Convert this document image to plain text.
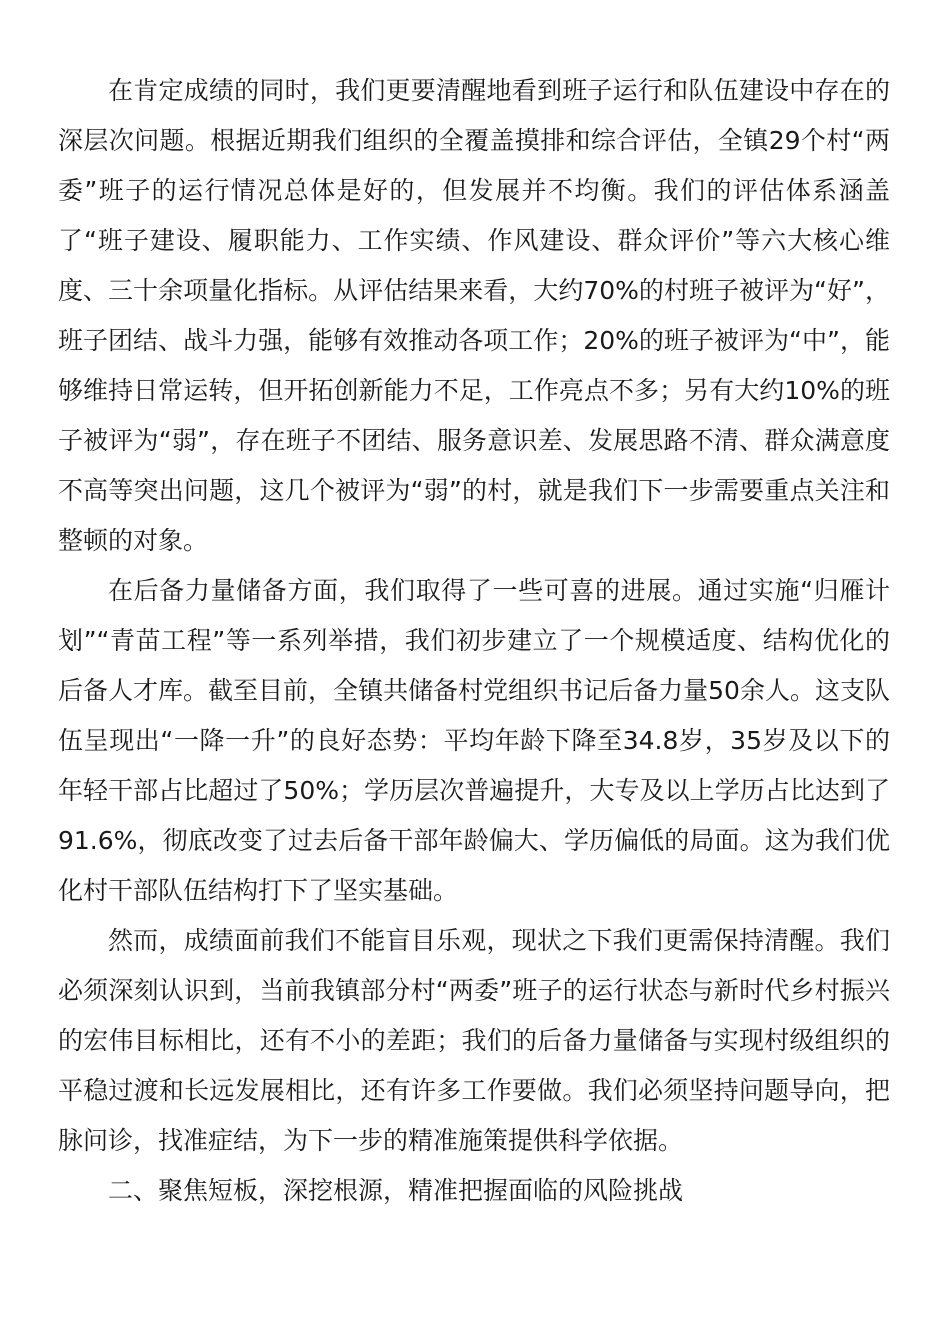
在肯定成绩的同时，我们更要清醒地看到班子运行和队伍建设中存在的深层次问题。根据近期我们组织的全覆盖摸排和综合评估，全镇29个村“两委”班子的运行情况总体是好的，但发展并不均衡。我们的评估体系涵盖了“班子建设、履职能力、工作实绩、作风建设、群众评价”等六大核心维度、三十余项量化指标。从评估结果来看，大约70%的村班子被评为“好”，班子团结、战斗力强，能够有效推动各项工作；20%的班子被评为“中”，能够维持日常运转，但开拓创新能力不足，工作亮点不多；另有大约10%的班子被评为“弱”，存在班子不团结、服务意识差、发展思路不清、群众满意度不高等突出问题，这几个被评为“弱”的村，就是我们下一步需要重点关注和整顿的对象。

在后备力量储备方面，我们取得了一些可喜的进展。通过实施“归雁计划”“青苗工程”等一系列举措，我们初步建立了一个规模适度、结构优化的后备人才库。截至目前，全镇共储备村党组织书记后备力量50余人。这支队伍呈现出“一降一升”的良好态势：平均年龄下降至34.8岁，35岁及以下的年轻干部占比超过了50%；学历层次普遍提升，大专及以上学历占比达到了91.6%，彻底改变了过去后备干部年龄偏大、学历偏低的局面。这为我们优化村干部队伍结构打下了坚实基础。

然而，成绩面前我们不能盲目乐观，现状之下我们更需保持清醒。我们必须深刻认识到，当前我镇部分村“两委”班子的运行状态与新时代乡村振兴的宏伟目标相比，还有不小的差距；我们的后备力量储备与实现村级组织的平稳过渡和长远发展相比，还有许多工作要做。我们必须坚持问题导向，把脉问诊，找准症结，为下一步的精准施策提供科学依据。

二、聚焦短板，深挖根源，精准把握面临的风险挑战
